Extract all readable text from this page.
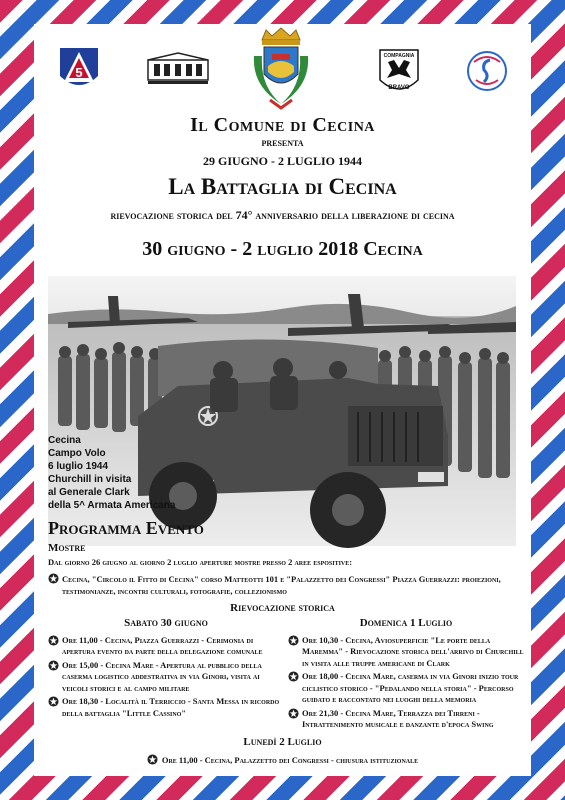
5
COMPAGNIA
BRAVO
Il Comune di Cecina
presenta
29 GIUGNO - 2 LUGLIO 1944
La Battaglia di Cecina
rievocazione storica del 74° anniversario della liberazione di cecina
30 giugno - 2 luglio 2018 Cecina
Cecina
Campo Volo
6 luglio 1944
Churchill in visita
al Generale Clark
della 5^ Armata Americana
Programma Evento
Mostre
Dal giorno 26 giugno al giorno 2 luglio aperture mostre presso 2 aree espositive:
Cecina, "Circolo il Fitto di Cecina" corso Matteotti 101 e "Palazzetto dei Congressi" Piazza Guerrazzi: proiezioni, testimonianze, incontri culturali, fotografie, collezionismo
Rievocazione storica
Sabato 30 giugno
Ore 11,00 - Cecina, Piazza Guerrazzi - Cerimonia di apertura evento da parte della delegazione comunale
Ore 15,00 - Cecina Mare - Apertura al pubblico della caserma logistico addestrativa in via Ginori, visita ai veicoli storici e al campo militare
Ore 18,30 - Località il Terriccio - Santa Messa in ricordo della battaglia "Little Cassino"
Domenica 1 Luglio
Ore 10,30 - Cecina, Aviosuperficie "Le porte della Maremma" - Rievocazione storica dell'arrivo di Churchill in visita alle truppe americane di Clark
Ore 18,00 - Cecina Mare, caserma in via Ginori inizio tour ciclistico storico - "Pedalando nella storia" - Percorso guidato e raccontato nei luoghi della memoria
Ore 21,30 - Cecina Mare, Terrazza dei Tirreni - Intrattenimento musicale e danzante d'epoca Swing
Lunedì 2 Luglio
Ore 11,00 - Cecina, Palazzetto dei Congressi - chiusura istituzionale
